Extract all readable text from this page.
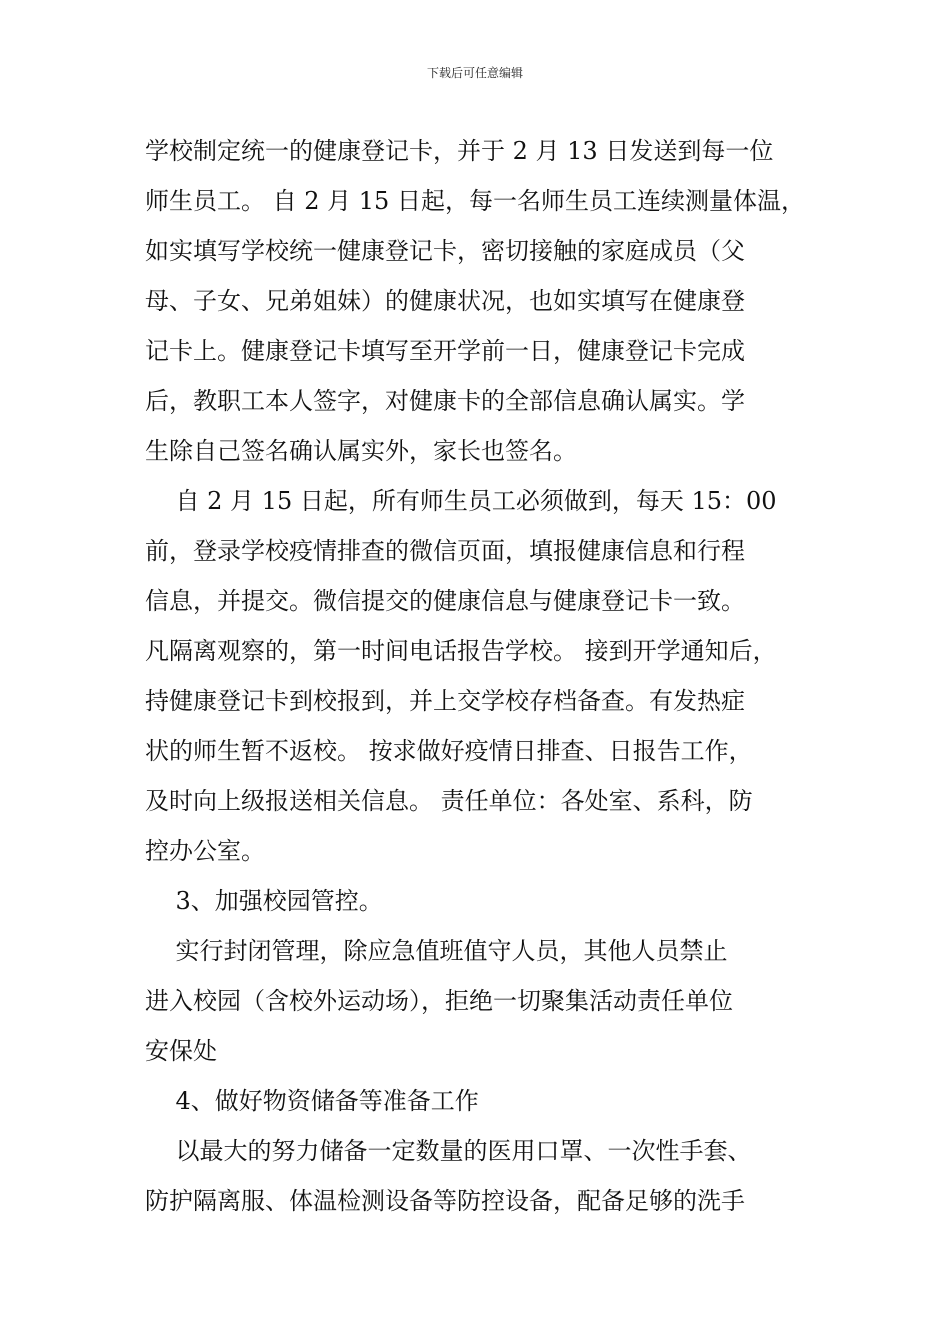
下载后可任意编辑
学校制定统一的健康登记卡，并于 2 月 13 日发送到每一位
师生员工。 自 2 月 15 日起，每一名师生员工连续测量体温，
如实填写学校统一健康登记卡，密切接触的家庭成员（父
母、子女、兄弟姐妹）的健康状况，也如实填写在健康登
记卡上。健康登记卡填写至开学前一日，健康登记卡完成
后，教职工本人签字，对健康卡的全部信息确认属实。学
生除自己签名确认属实外，家长也签名。
自 2 月 15 日起，所有师生员工必须做到，每天 15：00
前，登录学校疫情排查的微信页面，填报健康信息和行程
信息，并提交。微信提交的健康信息与健康登记卡一致。
凡隔离观察的，第一时间电话报告学校。 接到开学通知后，
持健康登记卡到校报到，并上交学校存档备查。有发热症
状的师生暂不返校。 按求做好疫情日排查、日报告工作，
及时向上级报送相关信息。 责任单位：各处室、系科，防
控办公室。
3、加强校园管控。
实行封闭管理，除应急值班值守人员，其他人员禁止
进入校园（含校外运动场），拒绝一切聚集活动责任单位
安保处
4、做好物资储备等准备工作
以最大的努力储备一定数量的医用口罩、一次性手套、
防护隔离服、体温检测设备等防控设备，配备足够的洗手
